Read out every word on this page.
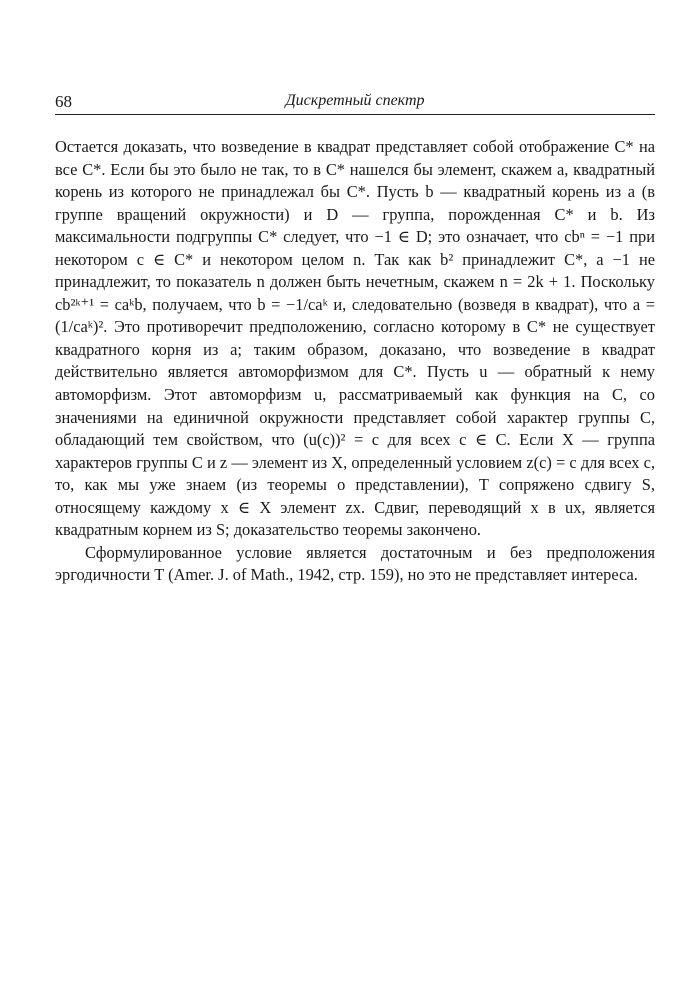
68	Дискретный спектр

Остается доказать, что возведение в квадрат представляет собой отображение C* на все C*. Если бы это было не так, то в C* нашелся бы элемент, скажем a, квадратный корень из которого не принадлежал бы C*. Пусть b — квадратный корень из a (в группе вращений окружности) и D — группа, порожденная C* и b. Из максимальности подгруппы C* следует, что −1 ∈ D; это означает, что cbⁿ = −1 при некотором c ∈ C* и некотором целом n. Так как b² принадлежит C*, а −1 не принадлежит, то показатель n должен быть нечетным, скажем n = 2k + 1. Поскольку cb²ᵏ⁺¹ = caᵏb, получаем, что b = −1/caᵏ и, следовательно (возведя в квадрат), что a = (1/caᵏ)². Это противоречит предположению, согласно которому в C* не существует квадратного корня из a; таким образом, доказано, что возведение в квадрат действительно является автоморфизмом для C*. Пусть u — обратный к нему автоморфизм. Этот автоморфизм u, рассматриваемый как функция на C, со значениями на единичной окружности представляет собой характер группы C, обладающий тем свойством, что (u(c))² = c для всех c ∈ C. Если X — группа характеров группы C и z — элемент из X, определенный условием z(c) = c для всех c, то, как мы уже знаем (из теоремы о представлении), T сопряжено сдвигу S, относящему каждому x ∈ X элемент zx. Сдвиг, переводящий x в ux, является квадратным корнем из S; доказательство теоремы закончено.

Сформулированное условие является достаточным и без предположения эргодичности T (Amer. J. of Math., 1942, стр. 159), но это не представляет интереса.
